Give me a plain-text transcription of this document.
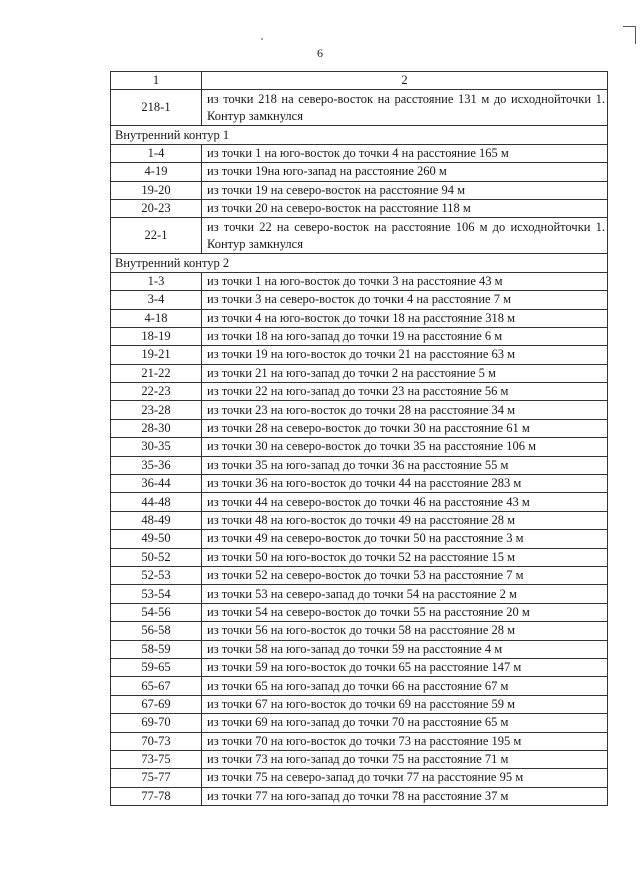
6
1	2
218-1	из точки 218 на северо-восток на расстояние 131 м до исходнойточки 1. Контур замкнулся
Внутренний контур 1	
1-4	из точки 1 на юго-восток до точки 4 на расстояние 165 м
4-19	из точки 19на юго-запад на расстояние 260 м
19-20	из точки 19 на северо-восток на расстояние 94 м
20-23	из точки 20 на северо-восток на расстояние 118 м
22-1	из точки 22 на северо-восток на расстояние 106 м до исходнойточки 1. Контур замкнулся
Внутренний контур 2	
1-3	из точки 1 на юго-восток до точки 3 на расстояние 43 м
3-4	из точки 3 на северо-восток до точки 4 на расстояние 7 м
4-18	из точки 4 на юго-восток до точки 18 на расстояние 318 м
18-19	из точки 18 на юго-запад до точки 19 на расстояние 6 м
19-21	из точки 19 на юго-восток до точки 21 на расстояние 63 м
21-22	из точки 21 на юго-запад до точки 2 на расстояние 5 м
22-23	из точки 22 на юго-запад до точки 23 на расстояние 56 м
23-28	из точки 23 на юго-восток до точки 28 на расстояние 34 м
28-30	из точки 28 на северо-восток до точки 30 на расстояние 61 м
30-35	из точки 30 на северо-восток до точки 35 на расстояние 106 м
35-36	из точки 35 на юго-запад до точки 36 на расстояние 55 м
36-44	из точки 36 на юго-восток до точки 44 на расстояние 283 м
44-48	из точки 44 на северо-восток до точки 46 на расстояние 43 м
48-49	из точки 48 на юго-восток до точки 49 на расстояние 28 м
49-50	из точки 49 на северо-восток до точки 50 на расстояние 3 м
50-52	из точки 50 на юго-восток до точки 52 на расстояние 15 м
52-53	из точки 52 на северо-восток до точки 53 на расстояние 7 м
53-54	из точки 53 на северо-запад до точки 54 на расстояние 2 м
54-56	из точки 54 на северо-восток до точки 55 на расстояние 20 м
56-58	из точки 56 на юго-восток до точки 58 на расстояние 28 м
58-59	из точки 58 на юго-запад до точки 59 на расстояние 4 м
59-65	из точки 59 на юго-восток до точки 65 на расстояние 147 м
65-67	из точки 65 на юго-запад до точки 66 на расстояние 67 м
67-69	из точки 67 на юго-восток до точки 69 на расстояние 59 м
69-70	из точки 69 на юго-запад до точки 70 на расстояние 65 м
70-73	из точки 70 на юго-восток до точки 73 на расстояние 195 м
73-75	из точки 73 на юго-запад до точки 75 на расстояние 71 м
75-77	из точки 75 на северо-запад до точки 77 на расстояние 95 м
77-78	из точки 77 на юго-запад до точки 78 на расстояние 37 м
